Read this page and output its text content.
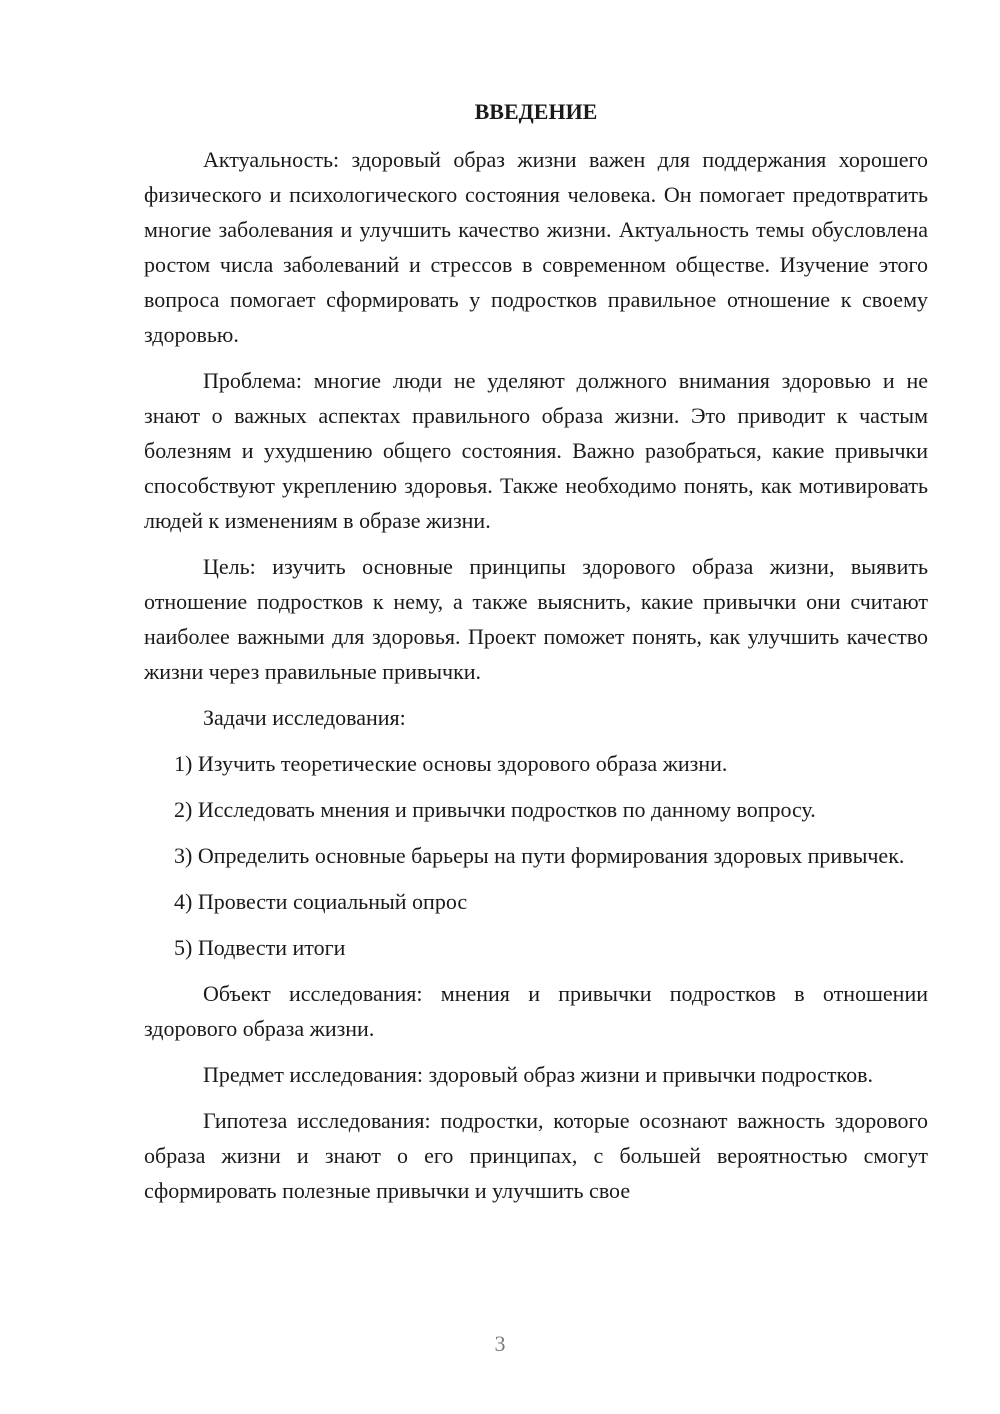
ВВЕДЕНИЕ

Актуальность: здоровый образ жизни важен для поддержания хорошего физического и психологического состояния человека. Он помогает предотвратить многие заболевания и улучшить качество жизни. Актуальность темы обусловлена ростом числа заболеваний и стрессов в современном обществе. Изучение этого вопроса помогает сформировать у подростков правильное отношение к своему здоровью.

Проблема: многие люди не уделяют должного внимания здоровью и не знают о важных аспектах правильного образа жизни. Это приводит к частым болезням и ухудшению общего состояния. Важно разобраться, какие привычки способствуют укреплению здоровья. Также необходимо понять, как мотивировать людей к изменениям в образе жизни.

Цель: изучить основные принципы здорового образа жизни, выявить отношение подростков к нему, а также выяснить, какие привычки они считают наиболее важными для здоровья. Проект поможет понять, как улучшить качество жизни через правильные привычки.

Задачи исследования:

1) Изучить теоретические основы здорового образа жизни.

2) Исследовать мнения и привычки подростков по данному вопросу.

3) Определить основные барьеры на пути формирования здоровых привычек.

4) Провести социальный опрос

5) Подвести итоги

Объект исследования: мнения и привычки подростков в отношении здорового образа жизни.

Предмет исследования: здоровый образ жизни и привычки подростков.

Гипотеза исследования: подростки, которые осознают важность здорового образа жизни и знают о его принципах, с большей вероятностью смогут сформировать полезные привычки и улучшить свое

3
